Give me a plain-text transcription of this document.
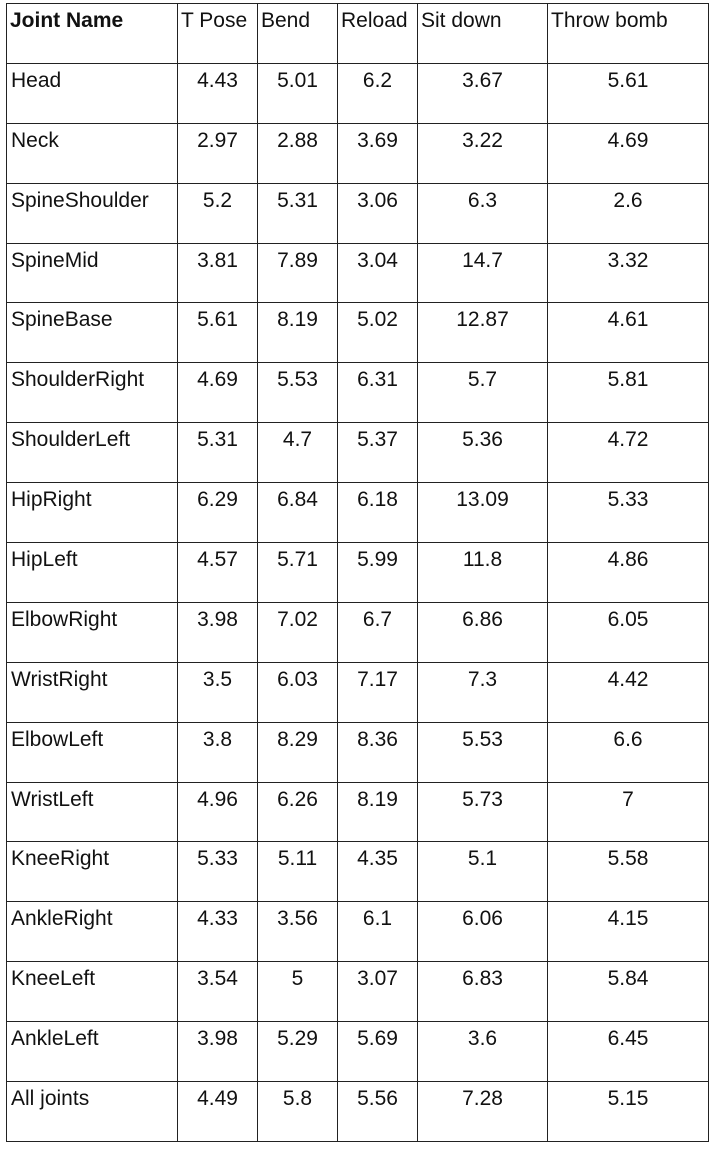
Joint Name	T Pose	Bend	Reload	Sit down	Throw bomb
Head	4.43	5.01	6.2	3.67	5.61
Neck	2.97	2.88	3.69	3.22	4.69
SpineShoulder	5.2	5.31	3.06	6.3	2.6
SpineMid	3.81	7.89	3.04	14.7	3.32
SpineBase	5.61	8.19	5.02	12.87	4.61
ShoulderRight	4.69	5.53	6.31	5.7	5.81
ShoulderLeft	5.31	4.7	5.37	5.36	4.72
HipRight	6.29	6.84	6.18	13.09	5.33
HipLeft	4.57	5.71	5.99	11.8	4.86
ElbowRight	3.98	7.02	6.7	6.86	6.05
WristRight	3.5	6.03	7.17	7.3	4.42
ElbowLeft	3.8	8.29	8.36	5.53	6.6
WristLeft	4.96	6.26	8.19	5.73	7
KneeRight	5.33	5.11	4.35	5.1	5.58
AnkleRight	4.33	3.56	6.1	6.06	4.15
KneeLeft	3.54	5	3.07	6.83	5.84
AnkleLeft	3.98	5.29	5.69	3.6	6.45
All joints	4.49	5.8	5.56	7.28	5.15
